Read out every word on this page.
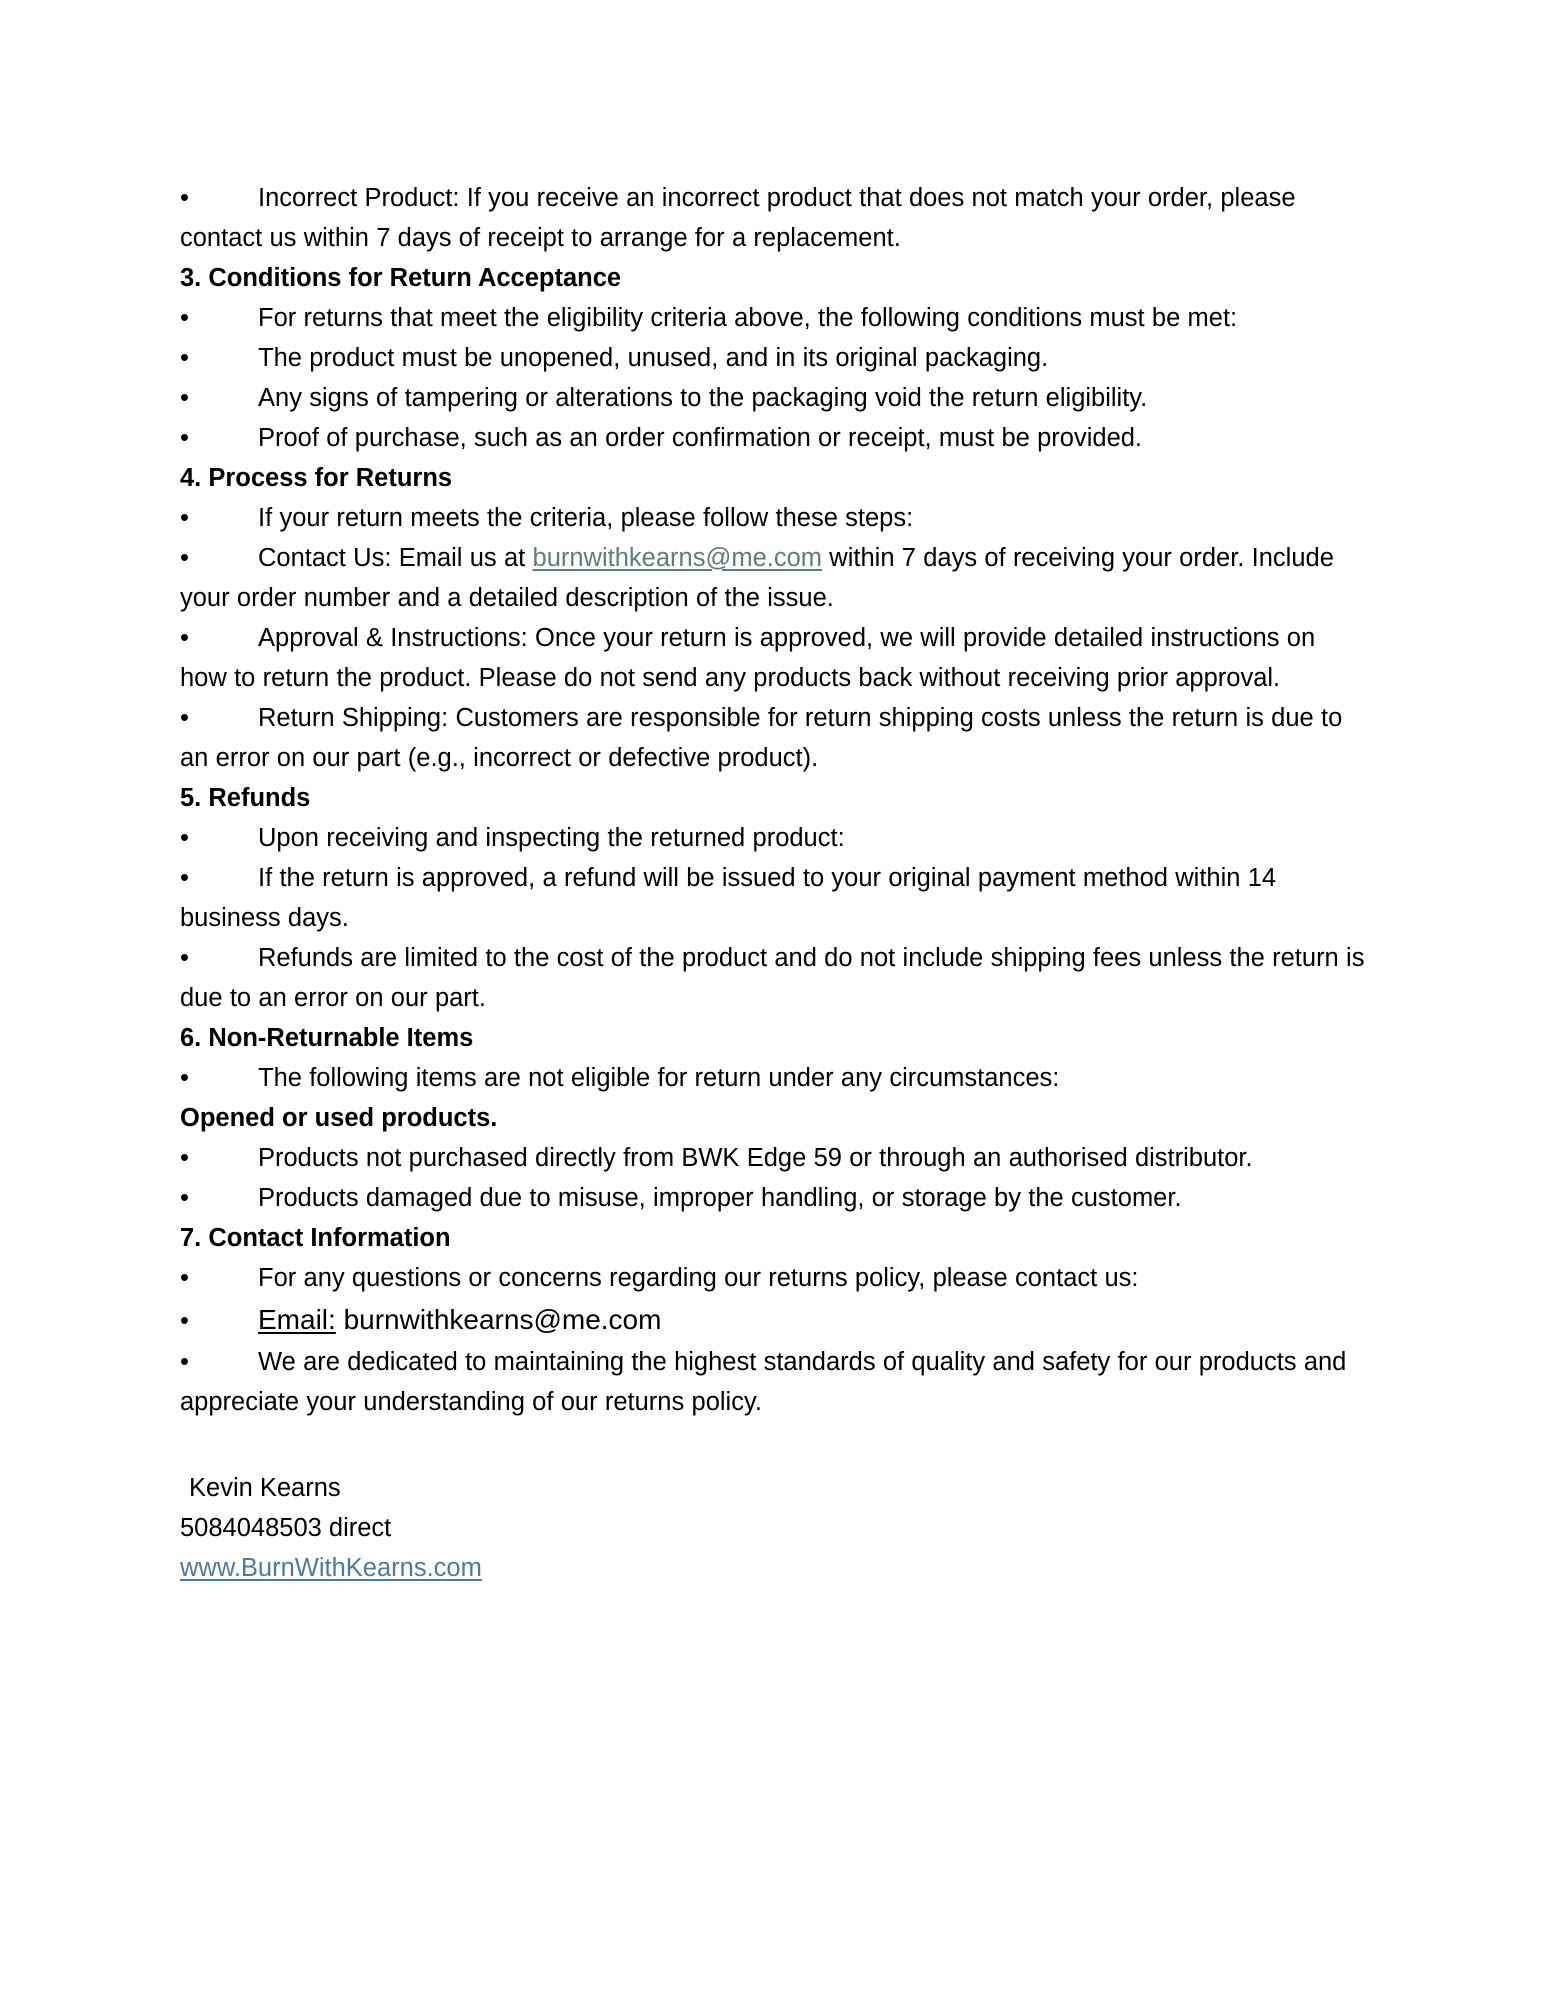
•	Incorrect Product: If you receive an incorrect product that does not match your order, please contact us within 7 days of receipt to arrange for a replacement.

3. Conditions for Return Acceptance

•	For returns that meet the eligibility criteria above, the following conditions must be met:

•	The product must be unopened, unused, and in its original packaging.

•	Any signs of tampering or alterations to the packaging void the return eligibility.

•	Proof of purchase, such as an order confirmation or receipt, must be provided.

4. Process for Returns

•	If your return meets the criteria, please follow these steps:

•	Contact Us: Email us at burnwithkearns@me.com within 7 days of receiving your order. Include your order number and a detailed description of the issue.

•	Approval & Instructions: Once your return is approved, we will provide detailed instructions on how to return the product. Please do not send any products back without receiving prior approval.

•	Return Shipping: Customers are responsible for return shipping costs unless the return is due to an error on our part (e.g., incorrect or defective product).

5. Refunds

•	Upon receiving and inspecting the returned product:

•	If the return is approved, a refund will be issued to your original payment method within 14 business days.

•	Refunds are limited to the cost of the product and do not include shipping fees unless the return is due to an error on our part.

6. Non-Returnable Items

•	The following items are not eligible for return under any circumstances:

Opened or used products.

•	Products not purchased directly from BWK Edge 59 or through an authorised distributor.

•	Products damaged due to misuse, improper handling, or storage by the customer.

7. Contact Information

•	For any questions or concerns regarding our returns policy, please contact us:

• Email: burnwithkearns@me.com

•	We are dedicated to maintaining the highest standards of quality and safety for our products and appreciate your understanding of our returns policy.

Kevin Kearns

5084048503 direct

www.BurnWithKearns.com
